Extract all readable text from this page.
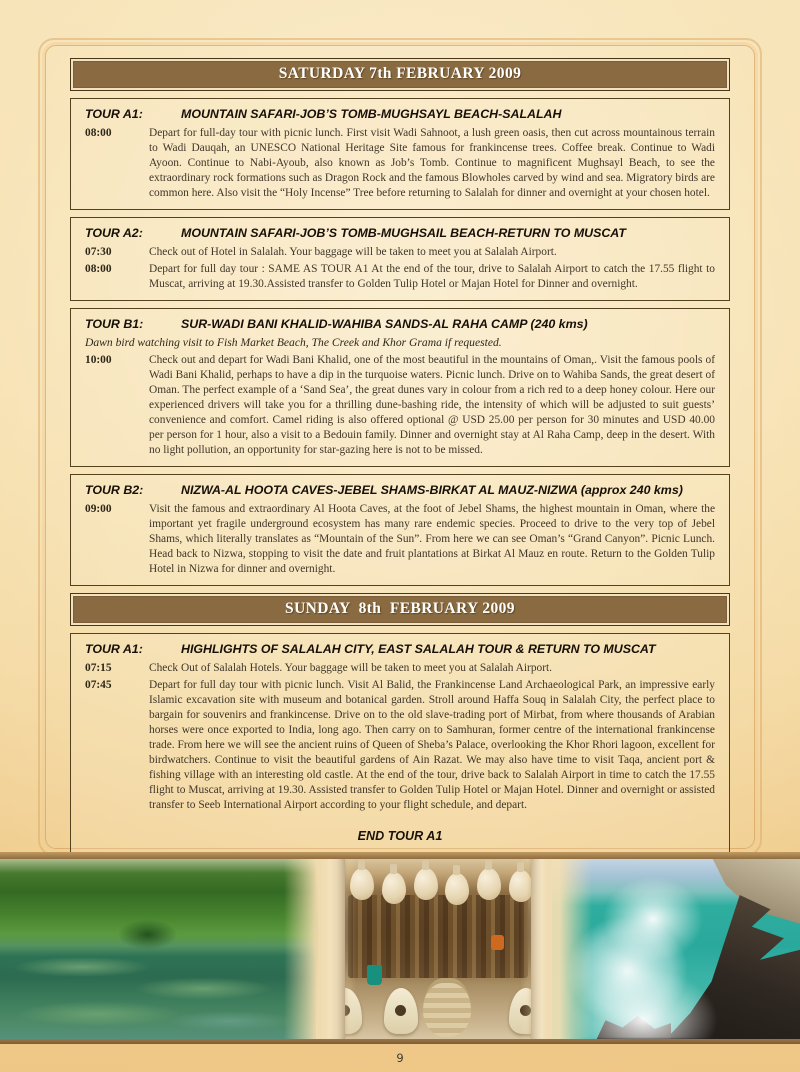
SATURDAY 7th FEBRUARY 2009
TOUR A1:	MOUNTAIN SAFARI-JOB’S TOMB-MUGHSAYL BEACH-SALALAH
08:00	Depart for full-day tour with picnic lunch. First visit Wadi Sahnoot, a lush green oasis, then cut across mountainous terrain to Wadi Dauqah, an UNESCO National Heritage Site famous for frankincense trees. Coffee break. Continue to Wadi Ayoon. Continue to Nabi-Ayoub, also known as Job’s Tomb. Continue to magnificent Mughsayl Beach, to see the extraordinary rock formations such as Dragon Rock and the famous Blowholes carved by wind and sea. Migratory birds are common here. Also visit the “Holy Incense” Tree before returning to Salalah for dinner and overnight at your chosen hotel.

TOUR A2:	MOUNTAIN SAFARI-JOB’S TOMB-MUGHSAIL BEACH-RETURN TO MUSCAT
07:30	Check out of Hotel in Salalah. Your baggage will be taken to meet you at Salalah Airport.

08:00	Depart for full day tour : SAME AS TOUR A1 At the end of the tour, drive to Salalah Airport to catch the 17.55 flight to Muscat, arriving at 19.30.Assisted transfer to Golden Tulip Hotel or Majan Hotel for Dinner and overnight.

TOUR B1:	SUR-WADI BANI KHALID-WAHIBA SANDS-AL RAHA CAMP (240 kms)

Dawn bird watching visit to Fish Market Beach, The Creek and Khor Grama if requested.

10:00	Check out and depart for Wadi Bani Khalid, one of the most beautiful in the mountains of Oman,. Visit the famous pools of Wadi Bani Khalid, perhaps to have a dip in the turquoise waters. Picnic lunch. Drive on to Wahiba Sands, the great desert of Oman. The perfect example of a ‘Sand Sea’, the great dunes vary in colour from a rich red to a deep honey colour. Here our experienced drivers will take you for a thrilling dune-bashing ride, the intensity of which will be adjusted to suit guests’ convenience and comfort. Camel riding is also offered optional @ USD 25.00 per person for 30 minutes and USD 40.00 per person for 1 hour, also a visit to a Bedouin family. Dinner and overnight stay at Al Raha Camp, deep in the desert. With no light pollution, an opportunity for star-gazing here is not to be missed.

TOUR B2:	NIZWA-AL HOOTA CAVES-JEBEL SHAMS-BIRKAT AL MAUZ-NIZWA (approx 240 kms)
09:00	Visit the famous and extraordinary Al Hoota Caves, at the foot of Jebel Shams, the highest mountain in Oman, where the important yet fragile underground ecosystem has many rare endemic species. Proceed to drive to the very top of Jebel Shams, which literally translates as “Mountain of the Sun”. From here we can see Oman’s “Grand Canyon”. Picnic Lunch. Head back to Nizwa, stopping to visit the date and fruit plantations at Birkat Al Mauz en route. Return to the Golden Tulip Hotel in Nizwa for dinner and overnight.

SUNDAY  8th  FEBRUARY 2009
TOUR A1:	HIGHLIGHTS OF SALALAH CITY, EAST SALALAH TOUR & RETURN TO MUSCAT
07:15	Check Out of Salalah Hotels. Your baggage will be taken to meet you at Salalah Airport.

07:45	Depart for full day tour with picnic lunch. Visit Al Balid, the Frankincense Land Archaeological Park, an impressive early Islamic excavation site with museum and botanical garden. Stroll around Haffa Souq in Salalah City, the perfect place to bargain for souvenirs and frankincense. Drive on to the old slave-trading port of Mirbat, from where thousands of Arabian horses were once exported to India, long ago. Then carry on to Samhuran, former centre of the international frankincense trade. From here we will see the ancient ruins of Queen of Sheba’s Palace, overlooking the Khor Rhori lagoon, excellent for birdwatchers. Continue to visit the beautiful gardens of Ain Razat. We may also have time to visit Taqa, ancient port & fishing village with an interesting old castle. At the end of the tour, drive back to Salalah Airport in time to catch the 17.55 flight to Muscat, arriving at 19.30. Assisted transfer to Golden Tulip Hotel or Majan Hotel. Dinner and overnight or assisted transfer to Seeb International Airport according to your flight schedule, and depart.

END TOUR A1
9
